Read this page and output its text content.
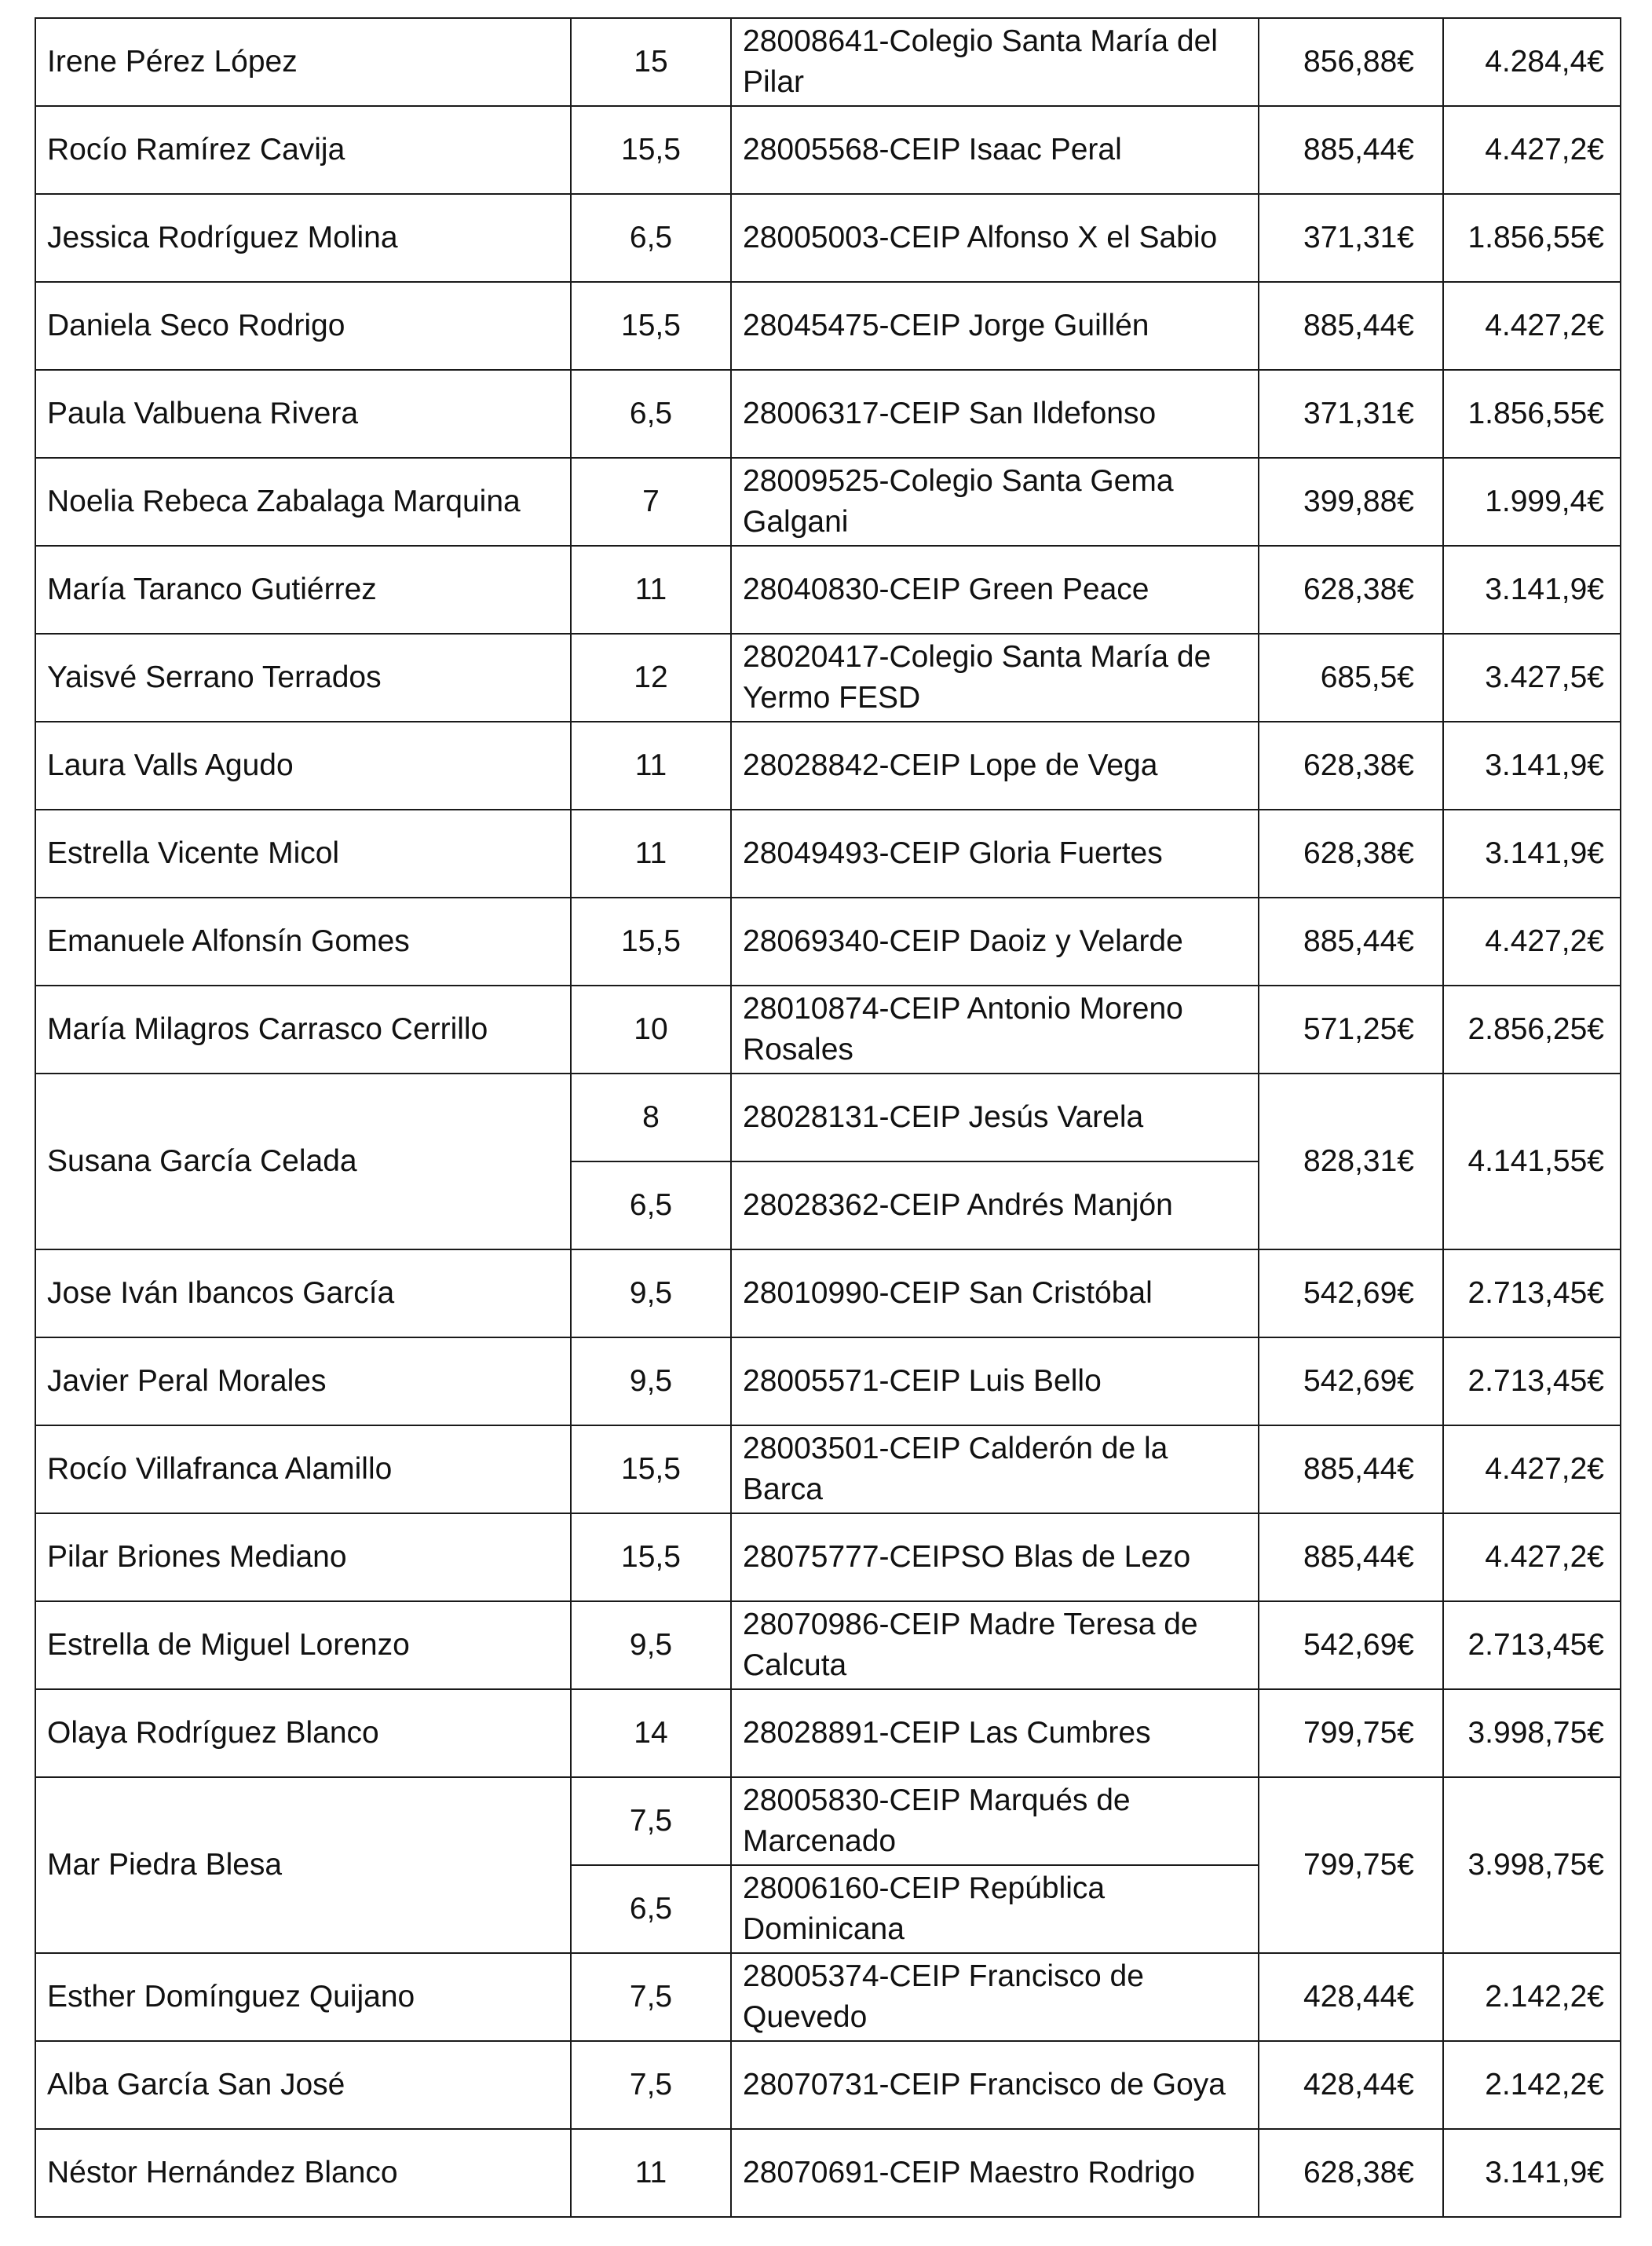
Irene Pérez López	15	28008641-Colegio Santa María del Pilar	856,88€	4.284,4€
Rocío Ramírez Cavija	15,5	28005568-CEIP Isaac Peral	885,44€	4.427,2€
Jessica Rodríguez Molina	6,5	28005003-CEIP Alfonso X el Sabio	371,31€	1.856,55€
Daniela Seco Rodrigo	15,5	28045475-CEIP Jorge Guillén	885,44€	4.427,2€
Paula Valbuena Rivera	6,5	28006317-CEIP San Ildefonso	371,31€	1.856,55€
Noelia Rebeca Zabalaga Marquina	7	28009525-Colegio Santa Gema Galgani	399,88€	1.999,4€
María Taranco Gutiérrez	11	28040830-CEIP Green Peace	628,38€	3.141,9€
Yaisvé Serrano Terrados	12	28020417-Colegio Santa María de Yermo FESD	685,5€	3.427,5€
Laura Valls Agudo	11	28028842-CEIP Lope de Vega	628,38€	3.141,9€
Estrella Vicente Micol	11	28049493-CEIP Gloria Fuertes	628,38€	3.141,9€
Emanuele Alfonsín Gomes	15,5	28069340-CEIP Daoiz y Velarde	885,44€	4.427,2€
María Milagros Carrasco Cerrillo	10	28010874-CEIP Antonio Moreno Rosales	571,25€	2.856,25€
Susana García Celada	8	28028131-CEIP Jesús Varela	828,31€	4.141,55€
	6,5	28028362-CEIP Andrés Manjón		
Jose Iván Ibancos García	9,5	28010990-CEIP San Cristóbal	542,69€	2.713,45€
Javier Peral Morales	9,5	28005571-CEIP Luis Bello	542,69€	2.713,45€
Rocío Villafranca Alamillo	15,5	28003501-CEIP Calderón de la Barca	885,44€	4.427,2€
Pilar Briones Mediano	15,5	28075777-CEIPSO Blas de Lezo	885,44€	4.427,2€
Estrella de Miguel Lorenzo	9,5	28070986-CEIP Madre Teresa de Calcuta	542,69€	2.713,45€
Olaya Rodríguez Blanco	14	28028891-CEIP Las Cumbres	799,75€	3.998,75€
Mar Piedra Blesa	7,5	28005830-CEIP Marqués de Marcenado	799,75€	3.998,75€
	6,5	28006160-CEIP República Dominicana		
Esther Domínguez Quijano	7,5	28005374-CEIP Francisco de Quevedo	428,44€	2.142,2€
Alba García San José	7,5	28070731-CEIP Francisco de Goya	428,44€	2.142,2€
Néstor Hernández Blanco	11	28070691-CEIP Maestro Rodrigo	628,38€	3.141,9€
